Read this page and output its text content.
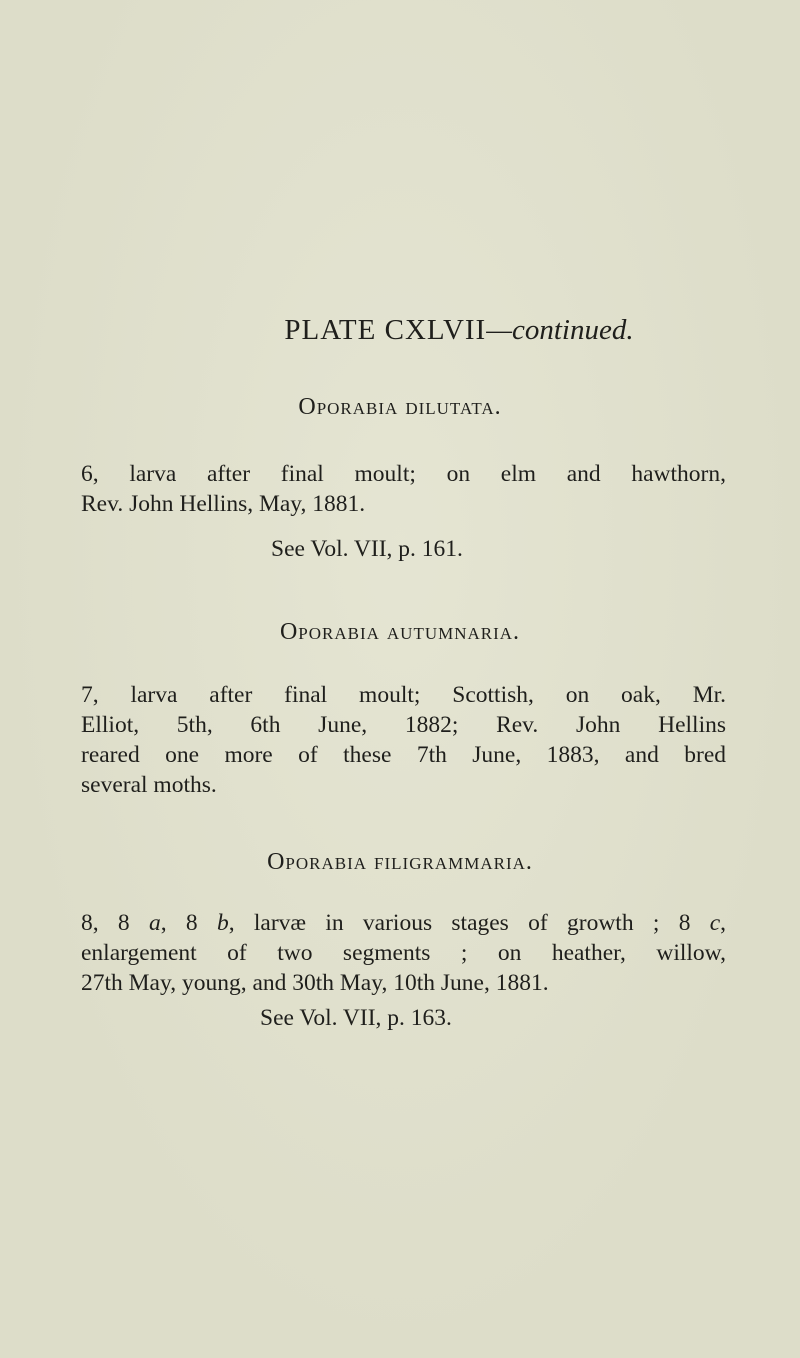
PLATE CXLVII—continued.
Oporabia dilutata.
6, larva after final moult; on elm and hawthorn,
Rev. John Hellins, May, 1881.
See Vol. VII, p. 161.
Oporabia autumnaria.
7, larva after final moult; Scottish, on oak, Mr.
Elliot, 5th, 6th June, 1882; Rev. John Hellins
reared one more of these 7th June, 1883, and bred
several moths.
Oporabia filigrammaria.
8, 8 a, 8 b, larvæ in various stages of growth ; 8 c,
enlargement of two segments ; on heather, willow,
27th May, young, and 30th May, 10th June, 1881.
See Vol. VII, p. 163.
